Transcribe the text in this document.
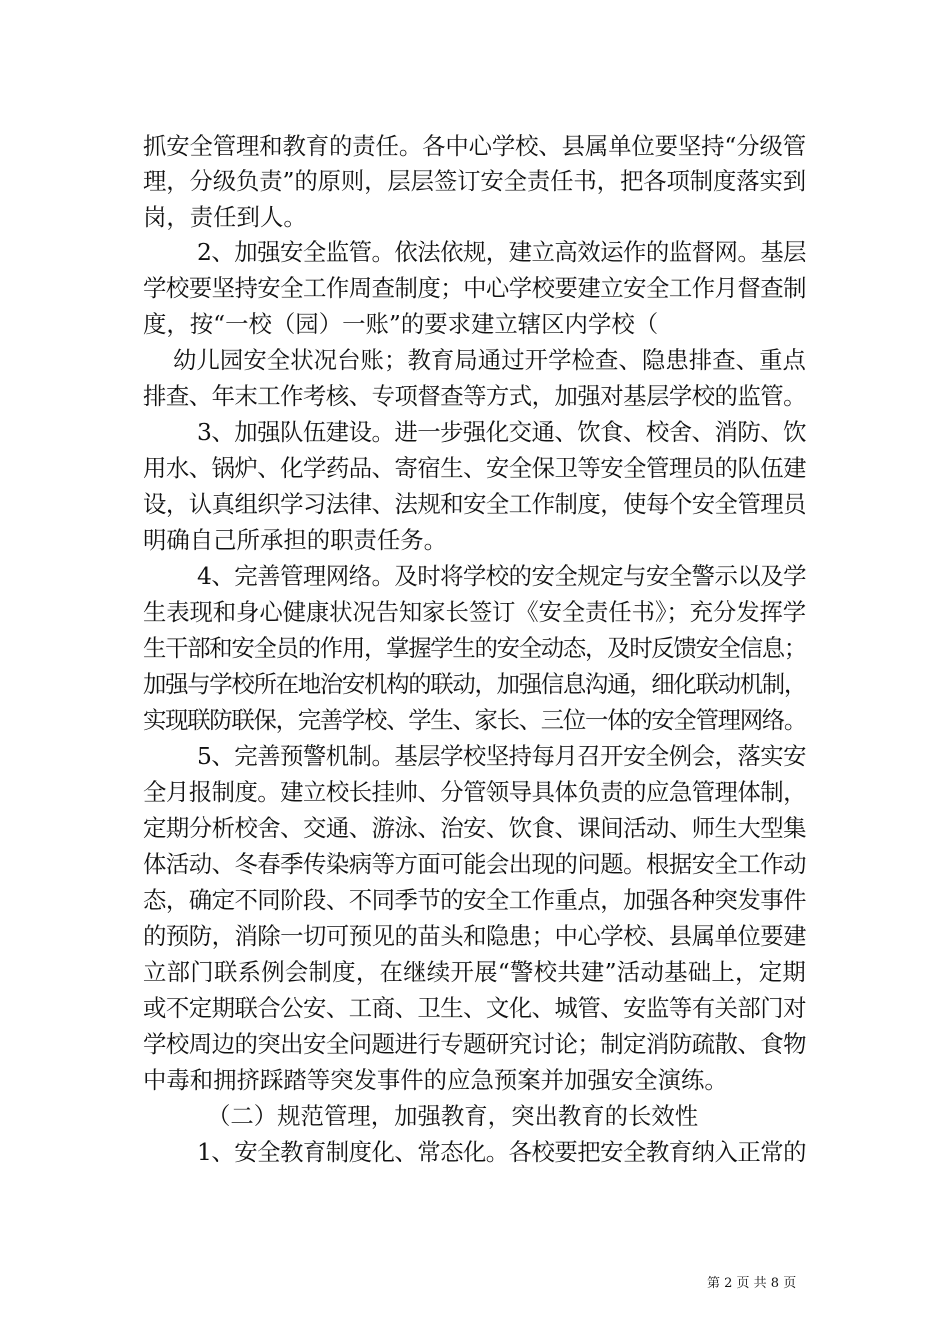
抓安全管理和教育的责任。各中心学校、县属单位要坚持“分级管
理，分级负责”的原则，层层签订安全责任书，把各项制度落实到
岗，责任到人。
2、加强安全监管。依法依规，建立高效运作的监督网。基层
学校要坚持安全工作周查制度；中心学校要建立安全工作月督查制
度，按“一校（园）一账”的要求建立辖区内学校（
幼儿园安全状况台账；教育局通过开学检查、隐患排查、重点
排查、年末工作考核、专项督查等方式，加强对基层学校的监管。
3、加强队伍建设。进一步强化交通、饮食、校舍、消防、饮
用水、锅炉、化学药品、寄宿生、安全保卫等安全管理员的队伍建
设，认真组织学习法律、法规和安全工作制度，使每个安全管理员
明确自己所承担的职责任务。
4、完善管理网络。及时将学校的安全规定与安全警示以及学
生表现和身心健康状况告知家长签订《安全责任书》；充分发挥学
生干部和安全员的作用，掌握学生的安全动态，及时反馈安全信息；
加强与学校所在地治安机构的联动，加强信息沟通，细化联动机制，
实现联防联保，完善学校、学生、家长、三位一体的安全管理网络。
5、完善预警机制。基层学校坚持每月召开安全例会，落实安
全月报制度。建立校长挂帅、分管领导具体负责的应急管理体制，
定期分析校舍、交通、游泳、治安、饮食、课间活动、师生大型集
体活动、冬春季传染病等方面可能会出现的问题。根据安全工作动
态，确定不同阶段、不同季节的安全工作重点，加强各种突发事件
的预防，消除一切可预见的苗头和隐患；中心学校、县属单位要建
立部门联系例会制度，在继续开展“警校共建”活动基础上，定期
或不定期联合公安、工商、卫生、文化、城管、安监等有关部门对
学校周边的突出安全问题进行专题研究讨论；制定消防疏散、食物
中毒和拥挤踩踏等突发事件的应急预案并加强安全演练。
（二）规范管理，加强教育，突出教育的长效性
1、安全教育制度化、常态化。各校要把安全教育纳入正常的
第 2 页 共 8 页
